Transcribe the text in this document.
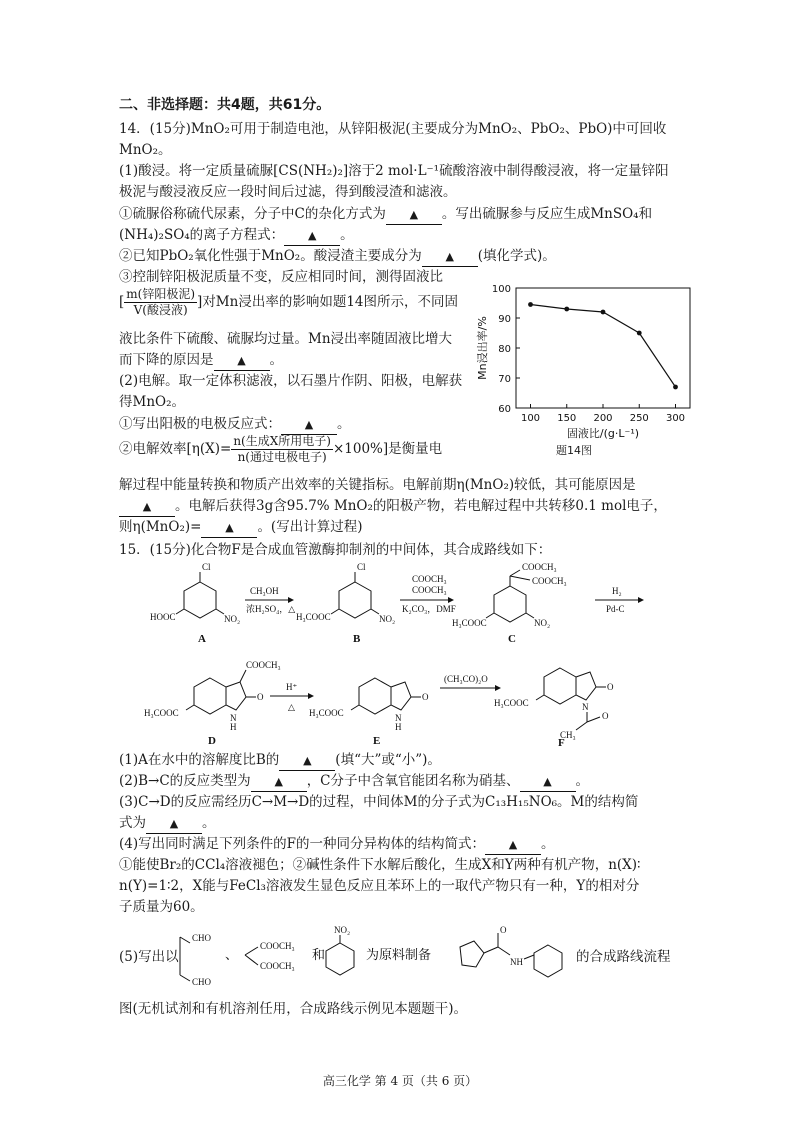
二、非选择题：共4题，共61分。
14．(15分)MnO₂可用于制造电池，从锌阳极泥(主要成分为MnO₂、PbO₂、PbO)中可回收
MnO₂。
(1)酸浸。将一定质量硫脲[CS(NH₂)₂]溶于2 mol·L⁻¹硫酸溶液中制得酸浸液，将一定量锌阳
极泥与酸浸液反应一段时间后过滤，得到酸浸渣和滤液。
①硫脲俗称硫代尿素，分子中C的杂化方式为 ▲ 。写出硫脲参与反应生成MnSO₄和
(NH₄)₂SO₄的离子方程式： ▲ 。
②已知PbO₂氧化性强于MnO₂。酸浸渣主要成分为 ▲ (填化学式)。
③控制锌阳极泥质量不变，反应相同时间，测得固液比
[ $\frac{\text{m(锌阳极泥)}}{\text{V(酸浸液)}}$ ]对Mn浸出率的影响如题14图所示，不同固
液比条件下硫酸、硫脲均过量。Mn浸出率随固液比增大
而下降的原因是 ▲ 。
(2)电解。取一定体积滤液，以石墨片作阴、阳极，电解获
得MnO₂。
①写出阳极的电极反应式： ▲ 。
②电解效率$[\eta(X)= \frac{\text{n(生成X所用电子)}}{\text{n(通过电极电子)}} \times 100\%]$是衡量电
解过程中能量转换和物质产出效率的关键指标。电解前期η(MnO₂)较低，其可能原因是
▲ 。电解后获得3g含95.7% MnO₂的阳极产物，若电解过程中共转移0.1 mol电子，
则η(MnO₂)= ▲ 。(写出计算过程)
60
70
80
90
100
100 150 200 250 300
Mn浸出率/%
固液比/(g·L⁻¹)
题14图
15．(15分)化合物F是合成血管激酶抑制剂的中间体，其合成路线如下：
Cl
NO₂
HOOC
A
CH₃OH
浓H₂SO₄，△
Cl
NO₂
H₃COOC
B
COOCH₃
COOCH₃
K₂CO₃，DMF
COOCH₃
COOCH₃
NO₂
H₃COOC
C
H₂
Pd-C
COOCH₃
O
N
H
H₃COOC
D
H⁺
△
O
N
H
H₃COOC
E
(CH₃CO)₂O
O
N
O
CH₃
H₃COOC
F
(1)A在水中的溶解度比B的 ▲ (填“大”或“小”)。
(2)B→C的反应类型为 ▲ ，C分子中含氧官能团名称为硝基、 ▲ 。
(3)C→D的反应需经历C→M→D的过程，中间体M的分子式为C₁₃H₁₅NO₆。M的结构简
式为 ▲ 。
(4)写出同时满足下列条件的F的一种同分异构体的结构简式： ▲ 。
①能使Br₂的CCl₄溶液褪色；②碱性条件下水解后酸化，生成X和Y两种有机产物，n(X)∶
n(Y)=1∶2，X能与FeCl₃溶液发生显色反应且苯环上的一取代产物只有一种，Y的相对分
子质量为60。
(5)写出以
CHO
CHO
、
COOCH₃
COOCH₃
和
NO₂
为原料制备
O
NH	的合成路线流程
图(无机试剂和有机溶剂任用，合成路线示例见本题题干)。
高三化学 第 4 页（共 6 页）
